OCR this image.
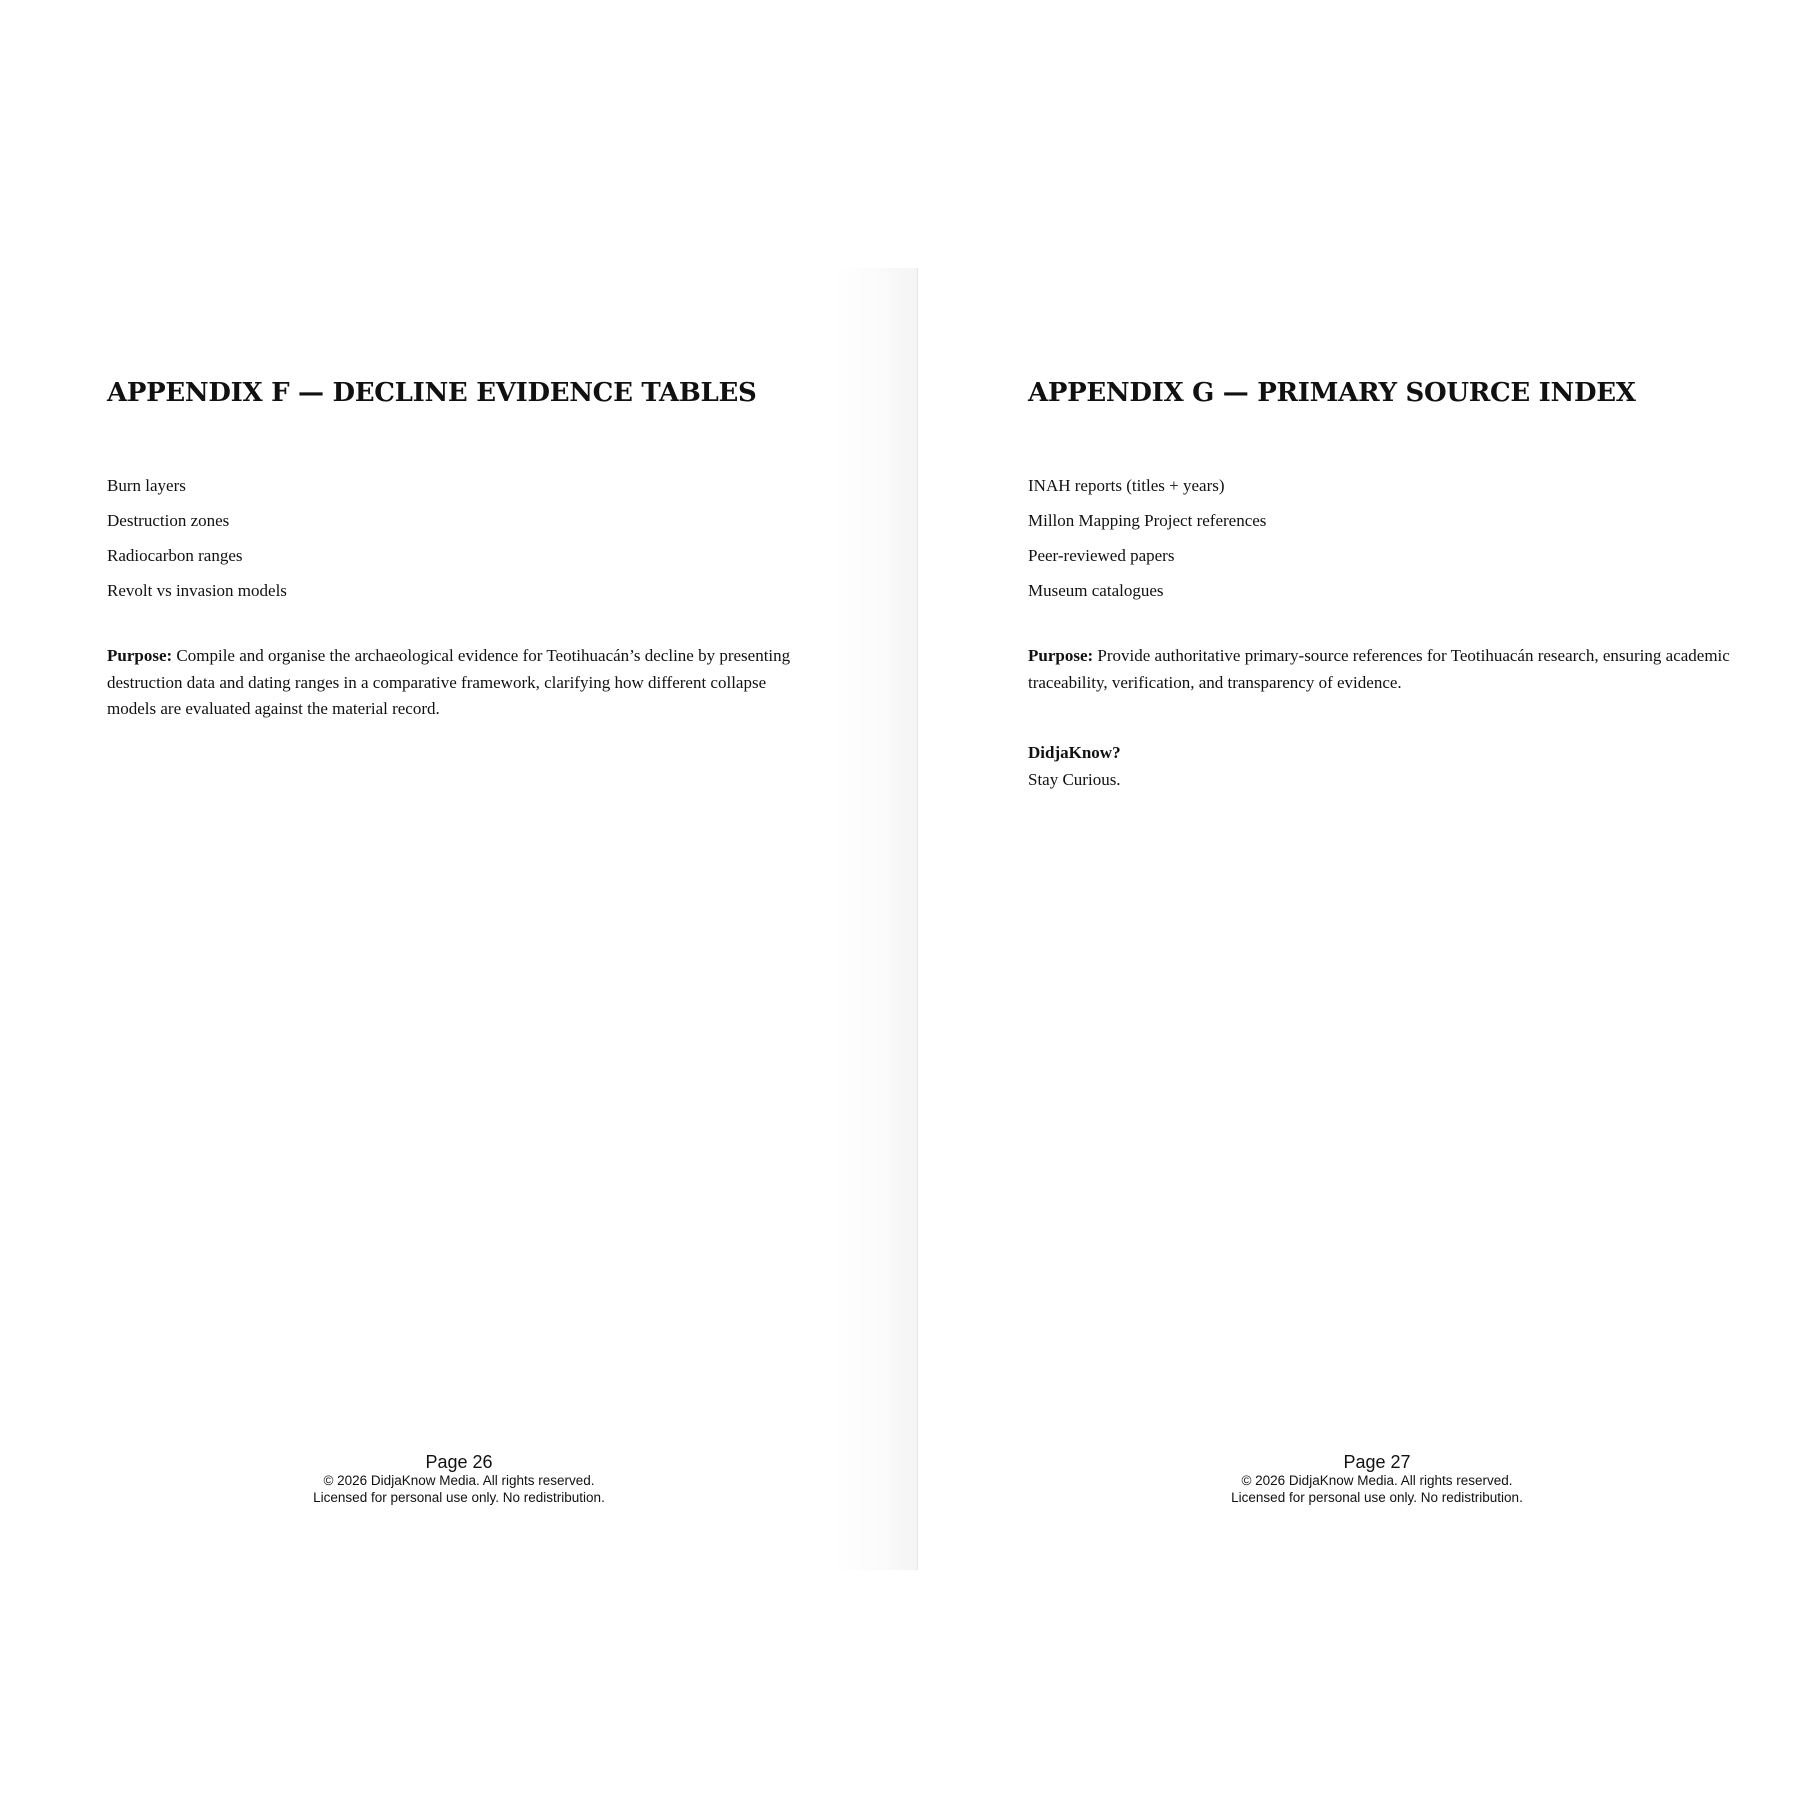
APPENDIX F — DECLINE EVIDENCE TABLES
Burn layers
Destruction zones
Radiocarbon ranges
Revolt vs invasion models

Purpose: Compile and organise the archaeological evidence for Teotihuacán’s decline by presenting destruction data and dating ranges in a comparative framework, clarifying how different collapse models are evaluated against the material record.

Page 26
© 2026 DidjaKnow Media. All rights reserved.
Licensed for personal use only. No redistribution.
APPENDIX G — PRIMARY SOURCE INDEX
INAH reports (titles + years)
Millon Mapping Project references
Peer-reviewed papers
Museum catalogues

Purpose: Provide authoritative primary-source references for Teotihuacán research, ensuring academic traceability, verification, and transparency of evidence.

DidjaKnow?
Stay Curious.
Page 27
© 2026 DidjaKnow Media. All rights reserved.
Licensed for personal use only. No redistribution.
